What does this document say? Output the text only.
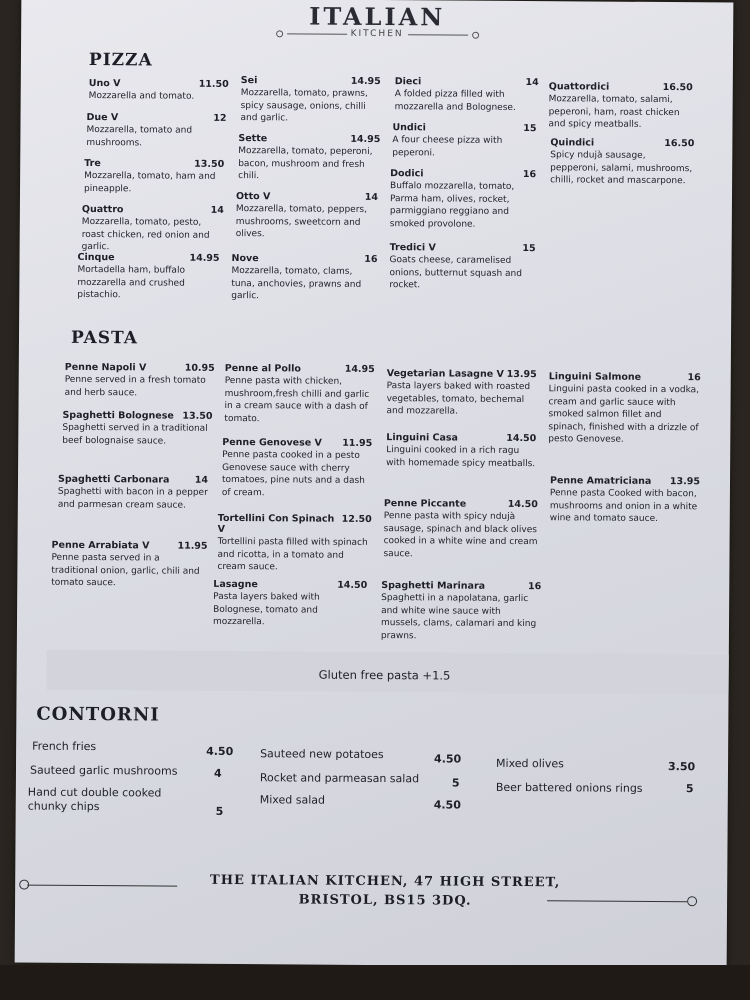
ITALIAN
KITCHEN
PIZZA
Uno V	11.50
Mozzarella and tomato.
Due V	12
Mozzarella, tomato and mushrooms.
Tre	13.50
Mozzarella, tomato, ham and pineapple.
Quattro	14
Mozzarella, tomato, pesto, roast chicken, red onion and garlic.
Cinque	14.95
Mortadella ham, buffalo mozzarella and crushed pistachio.
Sei	14.95
Mozzarella, tomato, prawns, spicy sausage, onions, chilli and garlic.
Sette	14.95
Mozzarella, tomato, peperoni, bacon, mushroom and fresh chili.
Otto V	14
Mozzarella, tomato, peppers, mushrooms, sweetcorn and olives.
Nove	16
Mozzarella, tomato, clams, tuna, anchovies, prawns and garlic.
Dieci	14
A folded pizza filled with mozzarella and Bolognese.
Undici	15
A four cheese pizza with peperoni.
Dodici	16
Buffalo mozzarella, tomato, Parma ham, olives, rocket, parmiggiano reggiano and smoked provolone.
Tredici V	15
Goats cheese, caramelised onions, butternut squash and rocket.
Quattordici	16.50
Mozzarella, tomato, salami, peperoni, ham, roast chicken and spicy meatballs.
Quindici	16.50
Spicy ndujà sausage, pepperoni, salami, mushrooms, chilli, rocket and mascarpone.
PASTA
Penne Napoli V	10.95
Penne served in a fresh tomato and herb sauce.
Spaghetti Bolognese 13.50
Spaghetti served in a traditional beef bolognaise sauce.
Spaghetti Carbonara	14
Spaghetti with bacon in a pepper and parmesan cream sauce.
Penne Arrabiata V	11.95
Penne pasta served in a traditional onion, garlic, chili and tomato sauce.
Penne al Pollo	14.95
Penne pasta with chicken, mushroom,fresh chilli and garlic in a cream sauce with a dash of tomato.
Penne Genovese V 11.95
Penne pasta cooked in a pesto Genovese sauce with cherry tomatoes, pine nuts and a dash of cream.
Tortellini Con Spinach V
12.50
Tortellini pasta filled with spinach and ricotta, in a tomato and cream sauce.
Lasagne	14.50
Pasta layers baked with Bolognese, tomato and mozzarella.
Vegetarian Lasagne V 13.95
Pasta layers baked with roasted vegetables, tomato, bechemal and mozzarella.
Linguini Casa	14.50
Linguini cooked in a rich ragu with homemade spicy meatballs.
Penne Piccante	14.50
Penne pasta with spicy ndujà sausage, spinach and black olives cooked in a white wine and cream sauce.
Spaghetti Marinara	16
Spaghetti in a napolatana, garlic and white wine sauce with mussels, clams, calamari and king prawns.
Linguini Salmone	16
Linguini pasta cooked in a vodka, cream and garlic sauce with smoked salmon fillet and spinach, finished with a drizzle of pesto Genovese.
Penne Amatriciana 13.95
Penne pasta Cooked with bacon, mushrooms and onion in a white wine and tomato sauce.
Gluten free pasta +1.5
CONTORNI
French fries	4.50
Sauteed garlic mushrooms	4
Hand cut double cooked chunky chips	5
Sauteed new potatoes	4.50
Rocket and parmeasan salad	5
Mixed salad	4.50
Mixed olives	3.50
Beer battered onions rings	5
THE ITALIAN KITCHEN, 47 HIGH STREET,
BRISTOL, BS15 3DQ.
